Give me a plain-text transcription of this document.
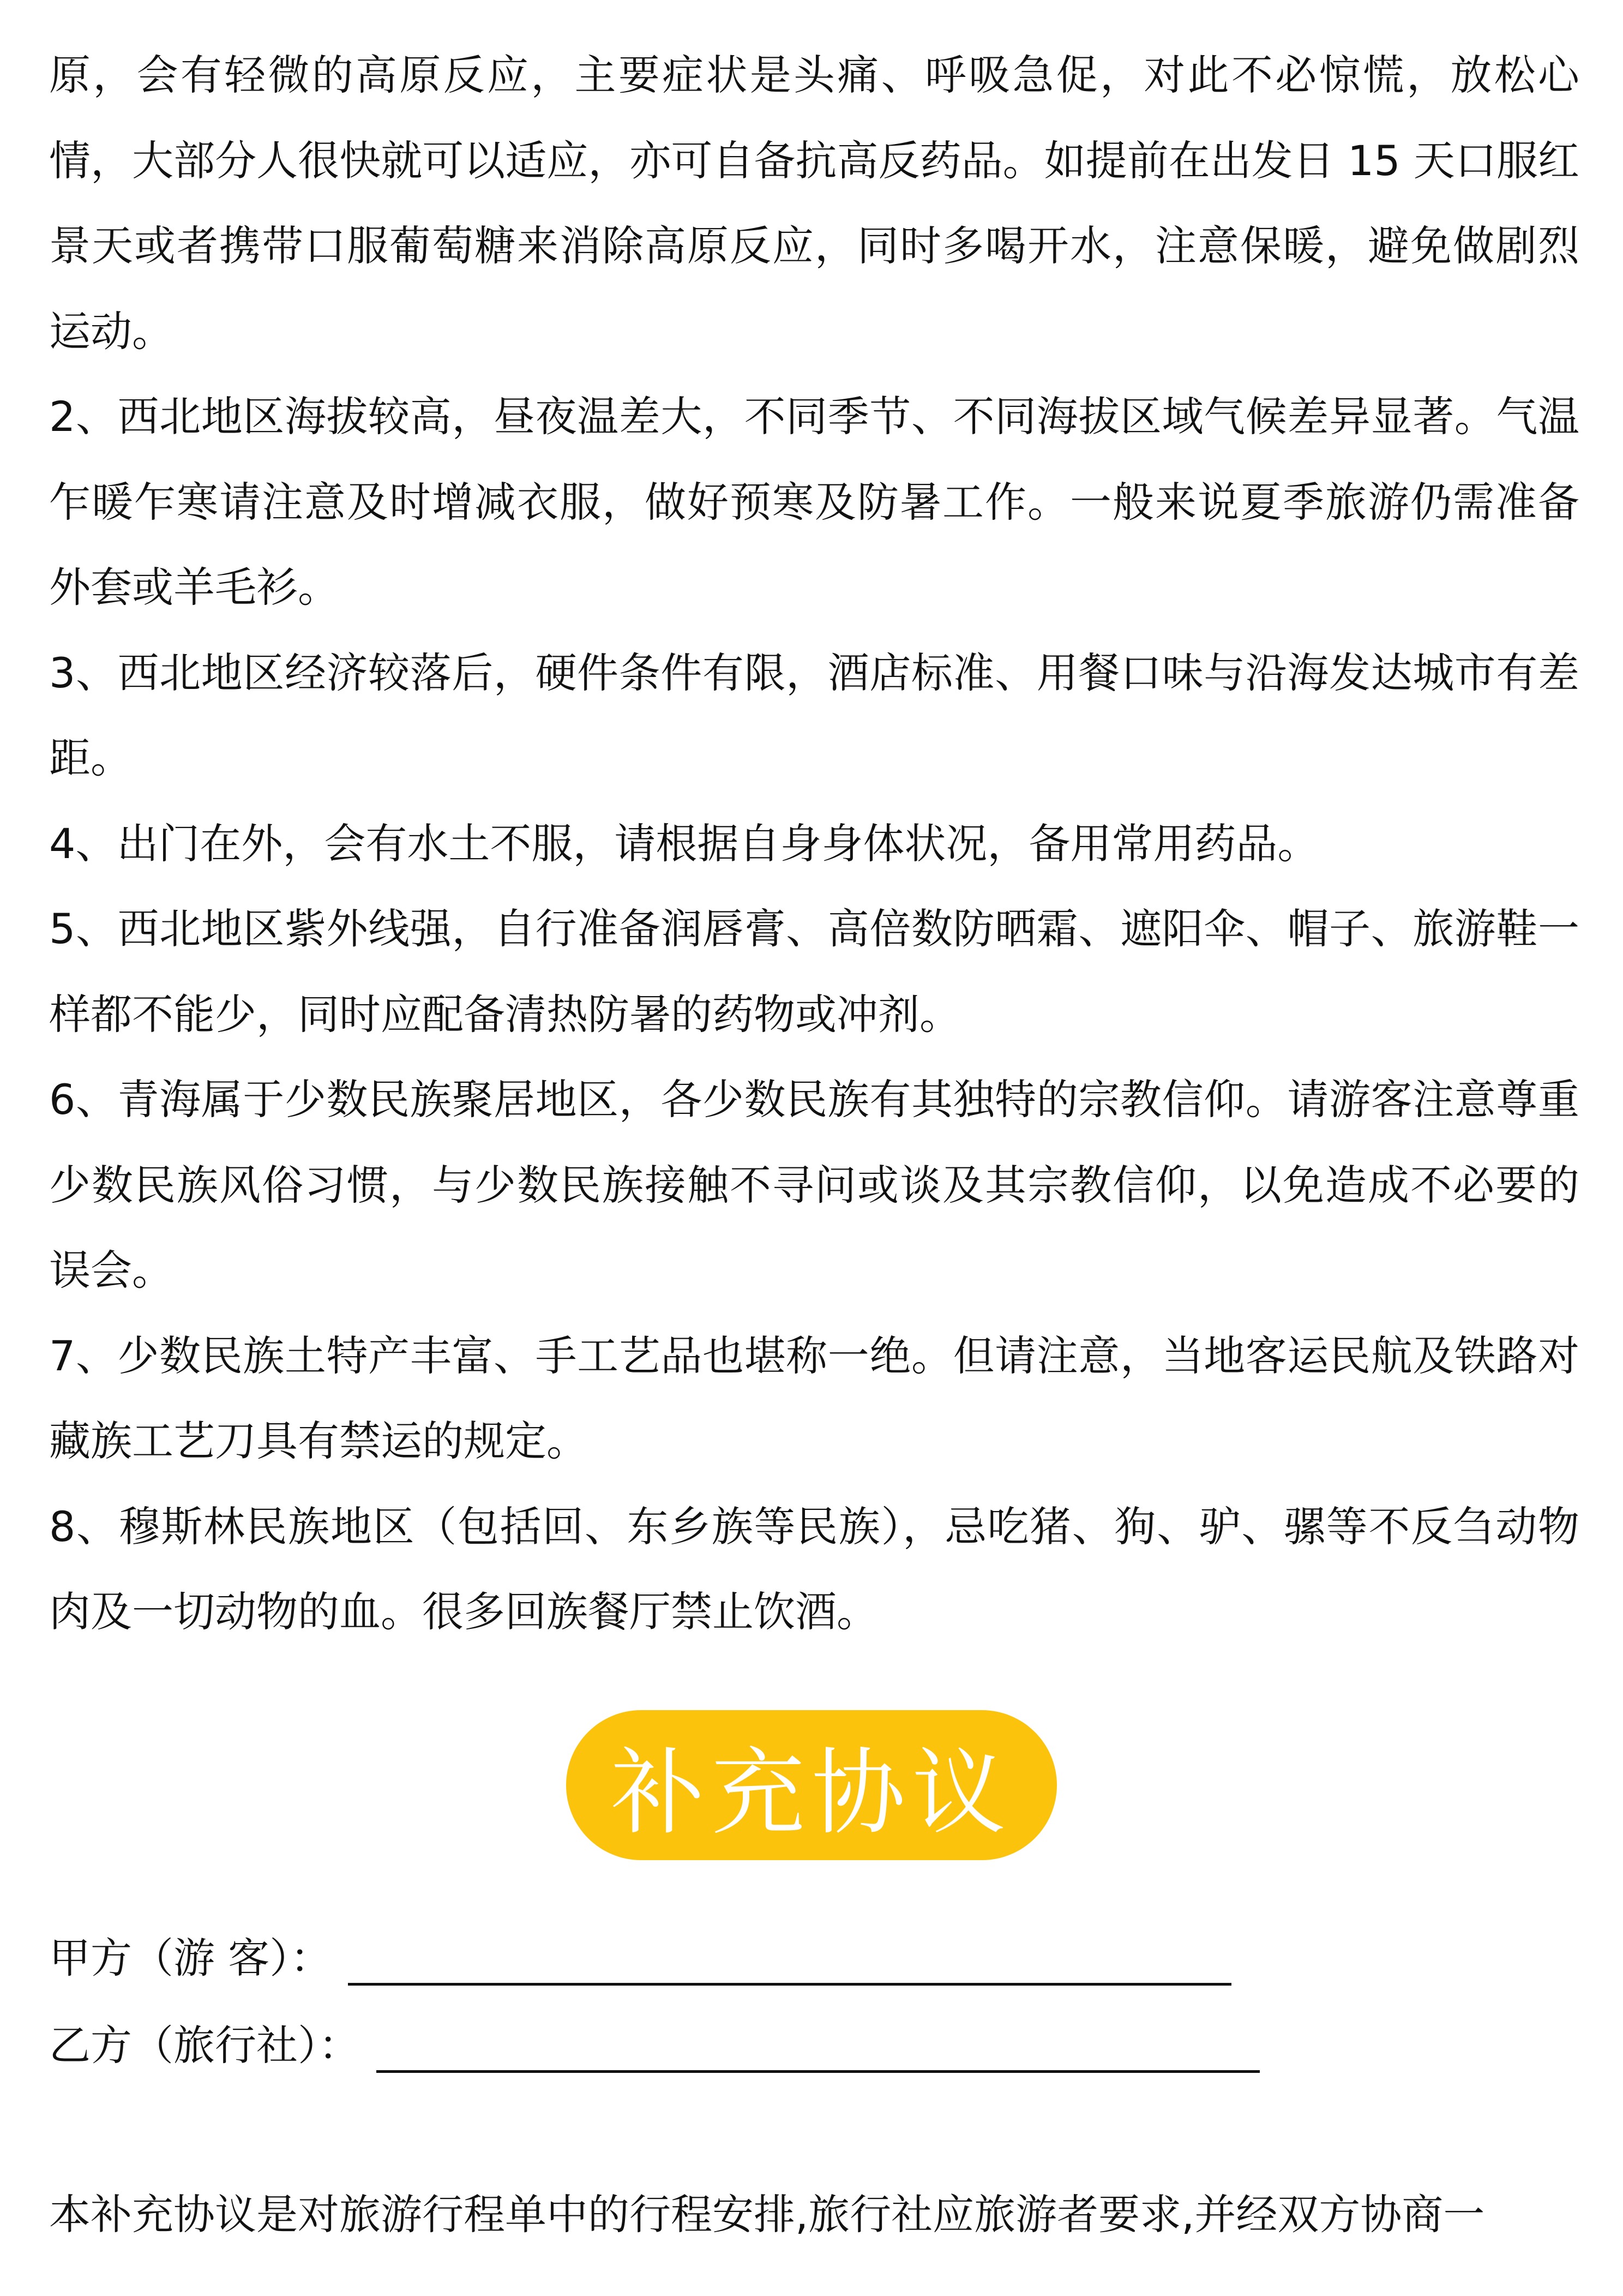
原，会有轻微的高原反应，主要症状是头痛、呼吸急促，对此不必惊慌，放松心情，大部分人很快就可以适应，亦可自备抗高反药品。如提前在出发日 15 天口服红景天或者携带口服葡萄糖来消除高原反应，同时多喝开水，注意保暖，避免做剧烈运动。

2、西北地区海拔较高，昼夜温差大，不同季节、不同海拔区域气候差异显著。气温乍暖乍寒请注意及时增减衣服，做好预寒及防暑工作。一般来说夏季旅游仍需准备外套或羊毛衫。

3、西北地区经济较落后，硬件条件有限，酒店标准、用餐口味与沿海发达城市有差距。

4、出门在外，会有水土不服，请根据自身身体状况，备用常用药品。

5、西北地区紫外线强，自行准备润唇膏、高倍数防晒霜、遮阳伞、帽子、旅游鞋一样都不能少，同时应配备清热防暑的药物或冲剂。

6、青海属于少数民族聚居地区，各少数民族有其独特的宗教信仰。请游客注意尊重少数民族风俗习惯，与少数民族接触不寻问或谈及其宗教信仰，以免造成不必要的误会。

7、少数民族土特产丰富、手工艺品也堪称一绝。但请注意，当地客运民航及铁路对藏族工艺刀具有禁运的规定。

8、穆斯林民族地区（包括回、东乡族等民族），忌吃猪、狗、驴、骡等不反刍动物肉及一切动物的血。很多回族餐厅禁止饮酒。

补充协议
甲方（游 客）：
乙方（旅行社）：
本补充协议是对旅游行程单中的行程安排,旅行社应旅游者要求,并经双方协商一
